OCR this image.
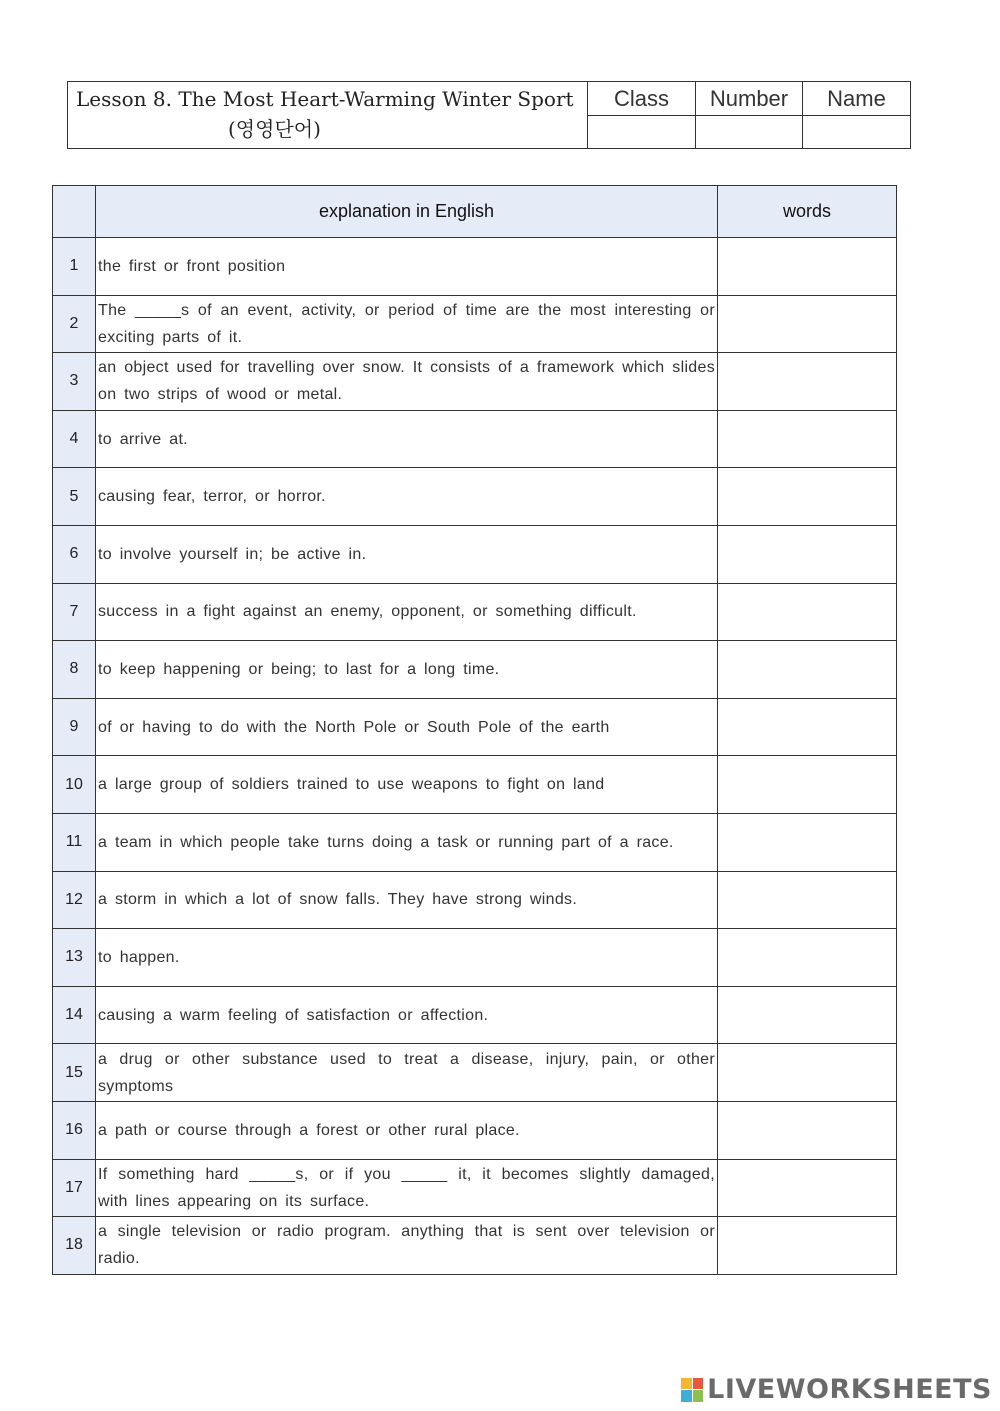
Lesson 8. The Most Heart-Warming Winter Sport
(영영단어)	Class	Number	Name

	explanation in English	words
1	the first or front position	
2	The _____s of an event, activity, or period of time are the most interesting or exciting parts of it.	
3	an object used for travelling over snow. It consists of a framework which slides on two strips of wood or metal.	
4	to arrive at.	
5	causing fear, terror, or horror.	
6	to involve yourself in; be active in.	
7	success in a fight against an enemy, opponent, or something difficult.	
8	to keep happening or being; to last for a long time.	
9	of or having to do with the North Pole or South Pole of the earth	
10	a large group of soldiers trained to use weapons to fight on land	
11	a team in which people take turns doing a task or running part of a race.	
12	a storm in which a lot of snow falls. They have strong winds.	
13	to happen.	
14	causing a warm feeling of satisfaction or affection.	
15	a drug or other substance used to treat a disease, injury, pain, or other symptoms	
16	a path or course through a forest or other rural place.	
17	If something hard _____s, or if you _____ it, it becomes slightly damaged, with lines appearing on its surface.	
18	a single television or radio program. anything that is sent over television or radio.	
LIVEWORKSHEETS
